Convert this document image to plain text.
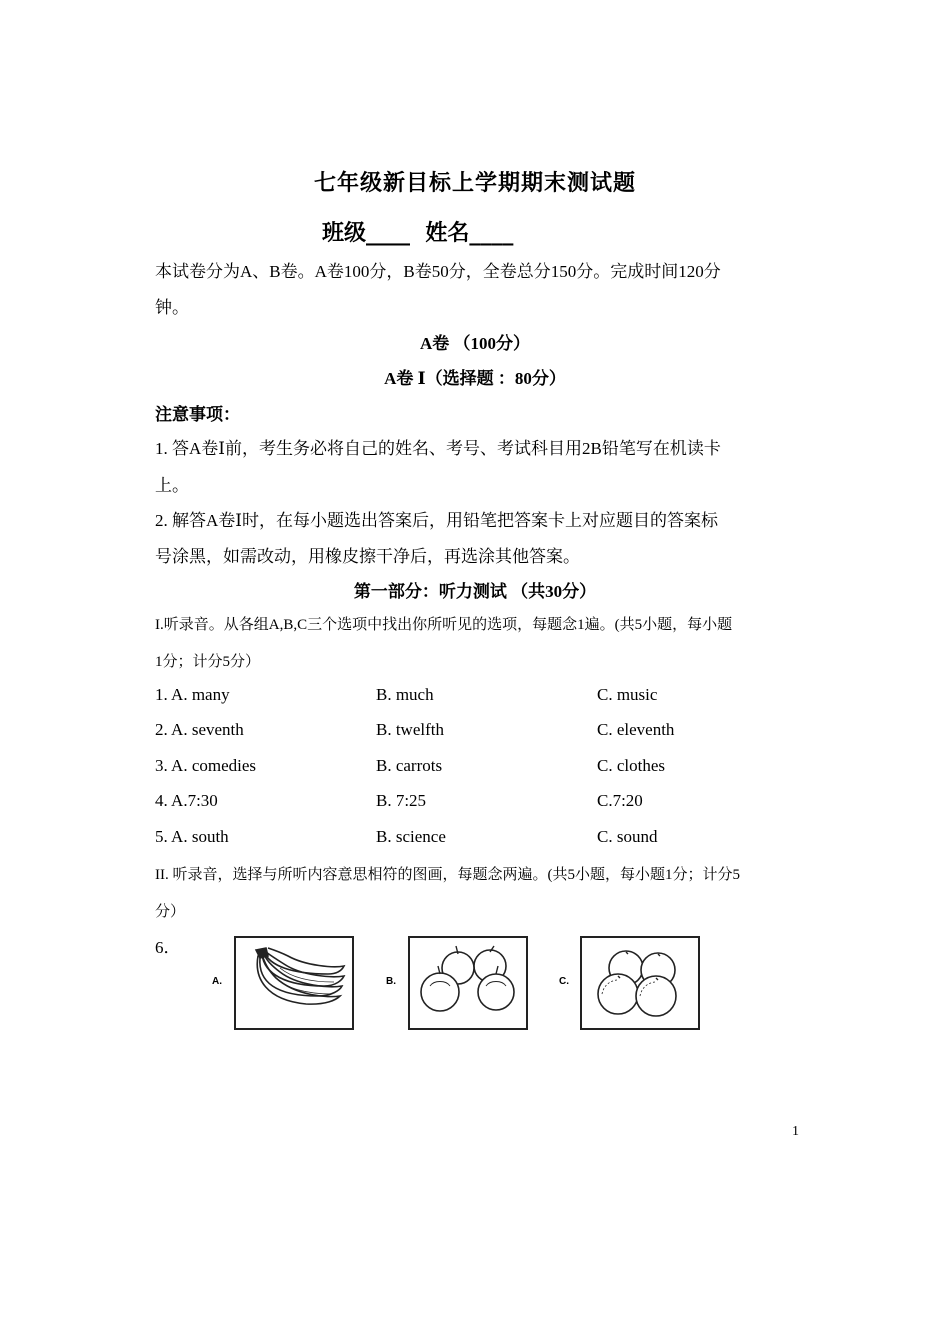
七年级新目标上学期期末测试题
班级____  姓名____
本试卷分为A、B卷。A卷100分，B卷50分，全卷总分150分。完成时间120分
钟。
A卷 （100分）
A卷 Ⅰ（选择题 ：80分）
注意事项：
1. 答A卷Ⅰ前，考生务必将自己的姓名、考号、考试科目用2B铅笔写在机读卡
上。
2. 解答A卷Ⅰ时，在每小题选出答案后，用铅笔把答案卡上对应题目的答案标
号涂黑，如需改动，用橡皮擦干净后，再选涂其他答案。
第一部分：听力测试 （共30分）
I.听录音。从各组A,B,C三个选项中找出你所听见的选项，每题念1遍。(共5小题，每小题
1分；计分5分）
1. A. many	B. much	C. music
2. A. seventh	B. twelfth	C. eleventh
3. A. comedies	B. carrots	C. clothes
4. A.7:30	B. 7:25	C.7:20
5. A. south	B. science	C. sound
II. 听录音，选择与所听内容意思相符的图画，每题念两遍。(共5小题，每小题1分；计分5
分）
6．
A.	B.	C.
1
